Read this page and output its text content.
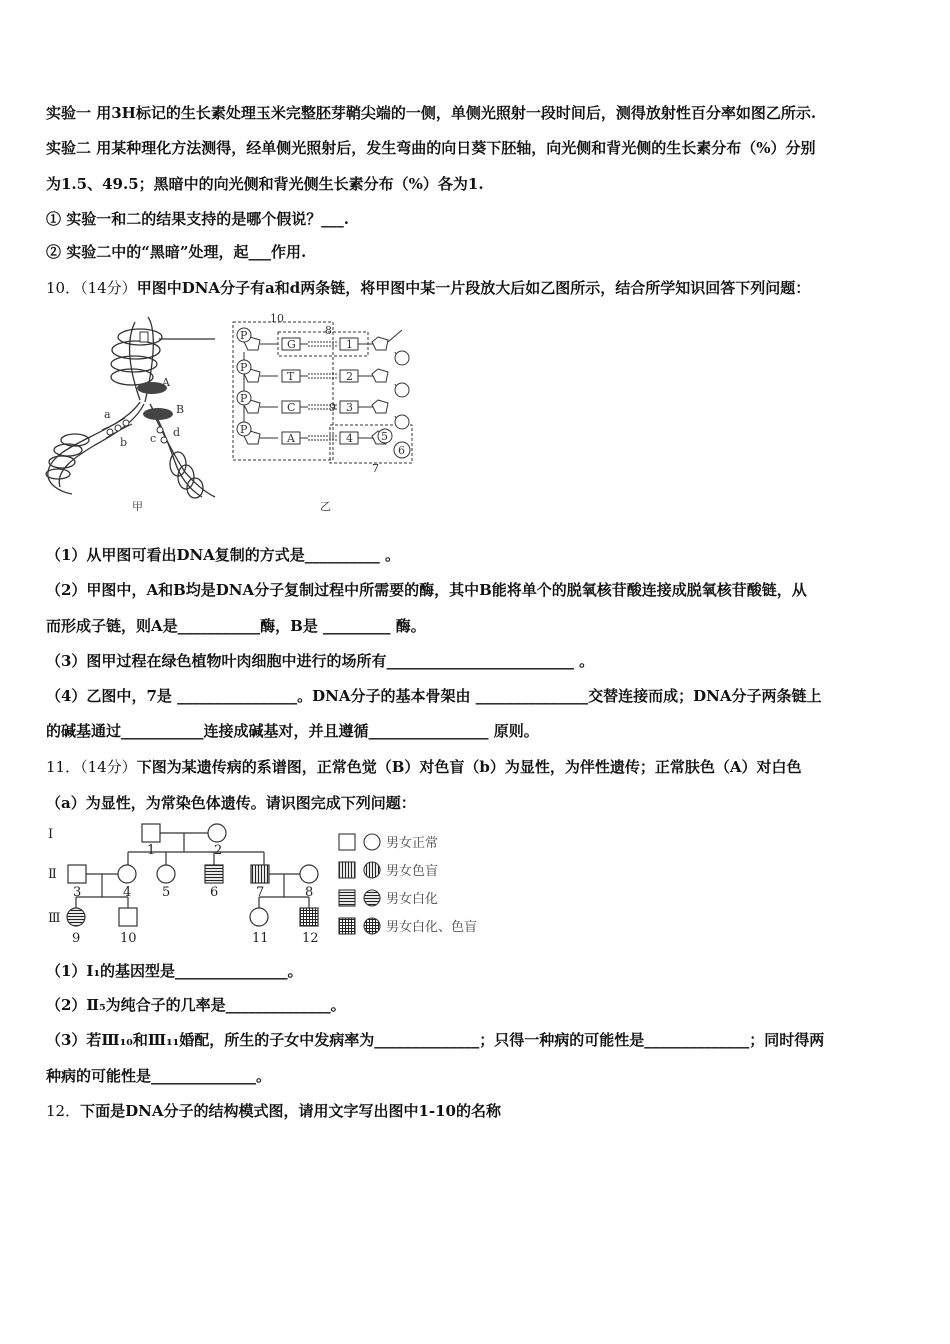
实验一 用3H标记的生长素处理玉米完整胚芽鞘尖端的一侧，单侧光照射一段时间后，测得放射性百分率如图乙所示.
实验二 用某种理化方法测得，经单侧光照射后，发生弯曲的向日葵下胚轴，向光侧和背光侧的生长素分布（%）分别
为1.5、49.5；黑暗中的向光侧和背光侧生长素分布（%）各为1.
① 实验一和二的结果支持的是哪个假说？___.
② 实验二中的“黑暗”处理，起___作用.
10．（14分）甲图中DNA分子有a和d两条链，将甲图中某一片段放大后如乙图所示，结合所学知识回答下列问题：
A
B
a
b c d
甲
P
P
P
P
G
T
C
A
1
2
3
4
10
8
9
5
6
7
乙
（1）从甲图可看出DNA复制的方式是__________ 。
（2）甲图中，A和B均是DNA分子复制过程中所需要的酶，其中B能将单个的脱氧核苷酸连接成脱氧核苷酸链，从
而形成子链，则A是___________酶，B是 _________ 酶。
（3）图甲过程在绿色植物叶肉细胞中进行的场所有_________________________ 。
（4）乙图中，7是 ________________。DNA分子的基本骨架由 _______________交替连接而成；DNA分子两条链上
的碱基通过___________连接成碱基对，并且遵循________________ 原则。
11．（14分）下图为某遗传病的系谱图，正常色觉（B）对色盲（b）为显性，为伴性遗传；正常肤色（A）对白色
（a）为显性，为常染色体遗传。请识图完成下列问题：
Ⅰ
Ⅱ
Ⅲ
1	2
3	4 5	6	7	8
9	10	11	12
男女正常
男女色盲
男女白化
男女白化、色盲
（1）Ⅰ₁的基因型是_______________。
（2）Ⅱ₅为纯合子的几率是______________。
（3）若Ⅲ₁₀和Ⅲ₁₁婚配，所生的子女中发病率为______________；只得一种病的可能性是______________；同时得两
种病的可能性是______________。
12．下面是DNA分子的结构模式图，请用文字写出图中1-10的名称
